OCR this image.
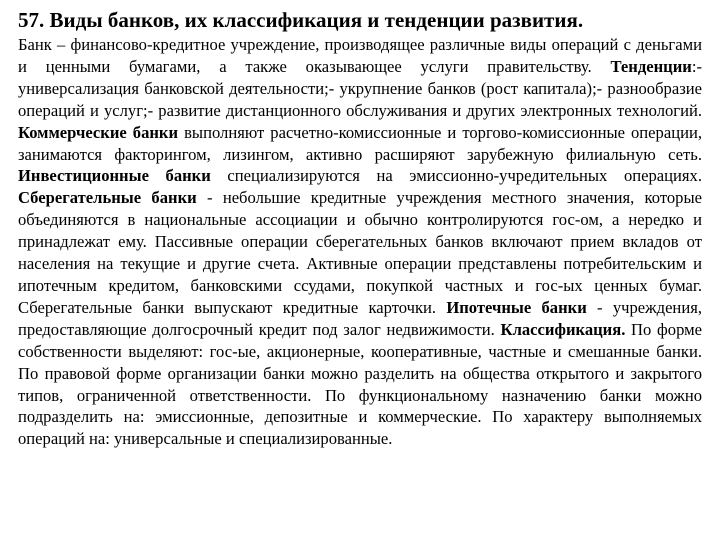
57. Виды банков, их классификация и тенденции развития.

Банк – финансово-кредитное учреждение, производящее различные виды операций с деньгами и ценными бумагами, а также оказывающее услуги правительству. Тенденции:- универсализация банковской деятельности;- укрупнение банков (рост капитала);- разнообразие операций и услуг;- развитие дистанционного обслуживания и других электронных технологий. Коммерческие банки выполняют расчетно-комиссионные и торгово-комиссионные операции, занимаются факторингом, лизингом, активно расширяют зарубежную филиальную сеть. Инвестиционные банки специализируются на эмиссионно-учредительных операциях. Сберегательные банки - небольшие кредитные учреждения местного значения, которые объединяются в национальные ассоциации и обычно контролируются гос-ом, а нередко и принадлежат ему. Пассивные операции сберегательных банков включают прием вкладов от населения на текущие и другие счета. Активные операции представлены потребительским и ипотечным кредитом, банковскими ссудами, покупкой частных и гос-ых ценных бумаг. Сберегательные банки выпускают кредитные карточки. Ипотечные банки - учреждения, предоставляющие долгосрочный кредит под залог недвижимости. Классификация. По форме собственности выделяют: гос-ые, акционерные, кооперативные, частные и смешанные банки. По правовой форме организации банки можно разделить на общества открытого и закрытого типов, ограниченной ответственности. По функциональному назначению банки можно подразделить на: эмиссионные, депозитные и коммерческие. По характеру выполняемых операций на: универсальные и специализированные.
